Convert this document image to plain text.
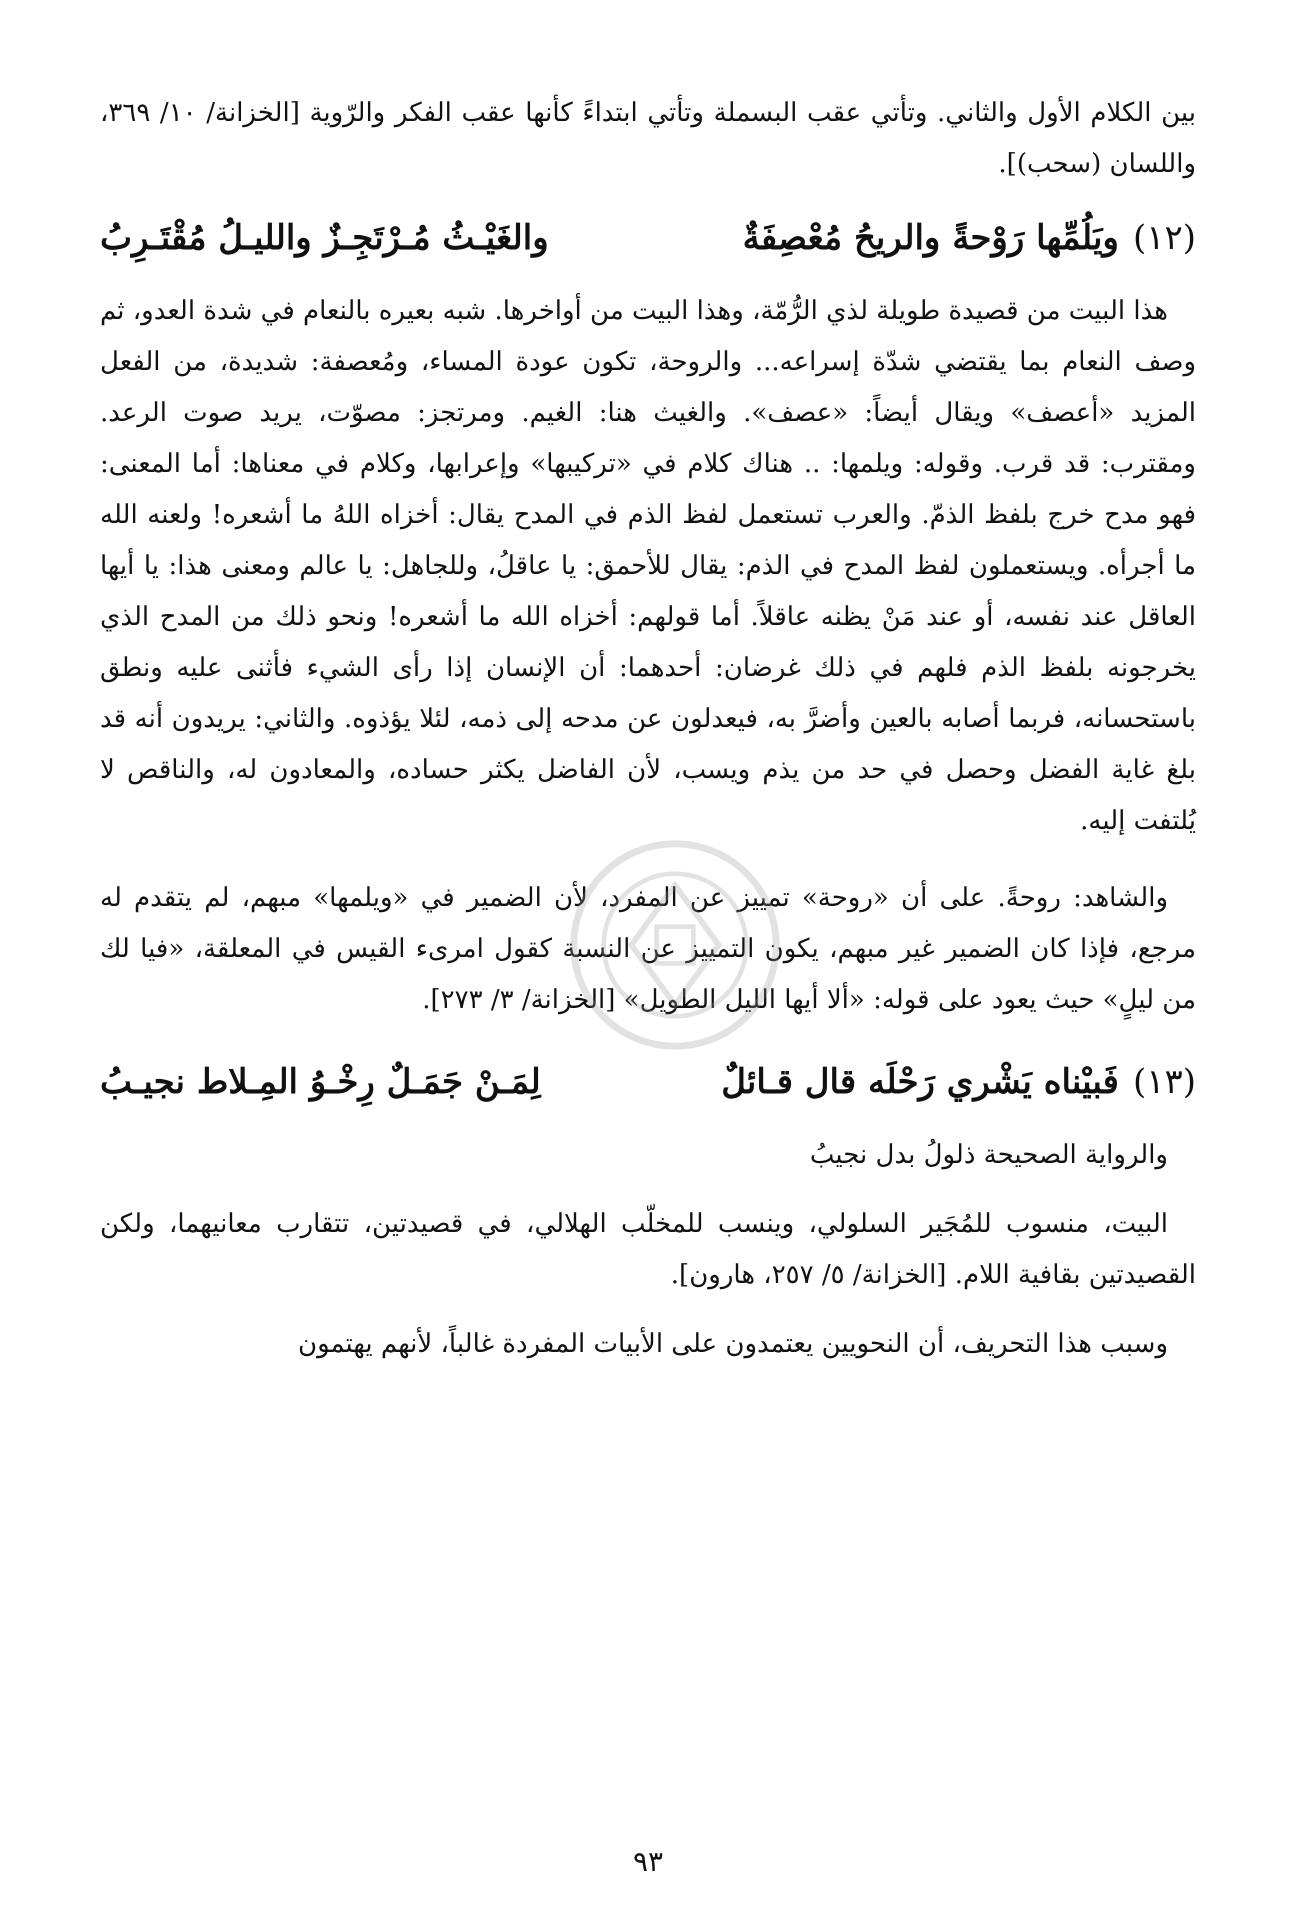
بين الكلام الأول والثاني. وتأتي عقب البسملة وتأتي ابتداءً كأنها عقب الفكر والرّوية [الخزانة/ ١٠/ ٣٦٩، واللسان (سحب)].

(١٢)ويَلُمِّها رَوْحةً والريحُ مُعْصِفَةٌ
والغَيْـثُ مُـرْتَجِـزٌ والليـلُ مُقْتَـرِبُ

هذا البيت من قصيدة طويلة لذي الرُّمّة، وهذا البيت من أواخرها. شبه بعيره بالنعام في شدة العدو، ثم وصف النعام بما يقتضي شدّة إسراعه... والروحة، تكون عودة المساء، ومُعصفة: شديدة، من الفعل المزيد «أعصف» ويقال أيضاً: «عصف». والغيث هنا: الغيم. ومرتجز: مصوّت، يريد صوت الرعد. ومقترب: قد قرب. وقوله: ويلمها: .. هناك كلام في «تركيبها» وإعرابها، وكلام في معناها: أما المعنى: فهو مدح خرج بلفظ الذمّ. والعرب تستعمل لفظ الذم في المدح يقال: أخزاه اللهُ ما أشعره! ولعنه الله ما أجرأه. ويستعملون لفظ المدح في الذم: يقال للأحمق: يا عاقلُ، وللجاهل: يا عالم ومعنى هذا: يا أيها العاقل عند نفسه، أو عند مَنْ يظنه عاقلاً. أما قولهم: أخزاه الله ما أشعره! ونحو ذلك من المدح الذي يخرجونه بلفظ الذم فلهم في ذلك غرضان: أحدهما: أن الإنسان إذا رأى الشيء فأثنى عليه ونطق باستحسانه، فربما أصابه بالعين وأضرَّ به، فيعدلون عن مدحه إلى ذمه، لئلا يؤذوه. والثاني: يريدون أنه قد بلغ غاية الفضل وحصل في حد من يذم ويسب، لأن الفاضل يكثر حساده، والمعادون له، والناقص لا يُلتفت إليه.

والشاهد: روحةً. على أن «روحة» تمييز عن المفرد، لأن الضمير في «ويلمها» مبهم، لم يتقدم له مرجع، فإذا كان الضمير غير مبهم، يكون التمييز عن النسبة كقول امرىء القيس في المعلقة، «فيا لك من ليلٍ» حيث يعود على قوله: «ألا أيها الليل الطويل» [الخزانة/ ٣/ ٢٧٣].

(١٣)فَبيْناه يَشْري رَحْلَه قال قـائلٌ
لِمَـنْ جَمَـلٌ رِخْـوُ المِـلاط نجيـبُ

والرواية الصحيحة ذلولُ بدل نجيبُ

البيت، منسوب للمُجَير السلولي، وينسب للمخلّب الهلالي، في قصيدتين، تتقارب معانيهما، ولكن القصيدتين بقافية اللام. [الخزانة/ ٥/ ٢٥٧، هارون].

وسبب هذا التحريف، أن النحويين يعتمدون على الأبيات المفردة غالباً، لأنهم يهتمون

٩٣
